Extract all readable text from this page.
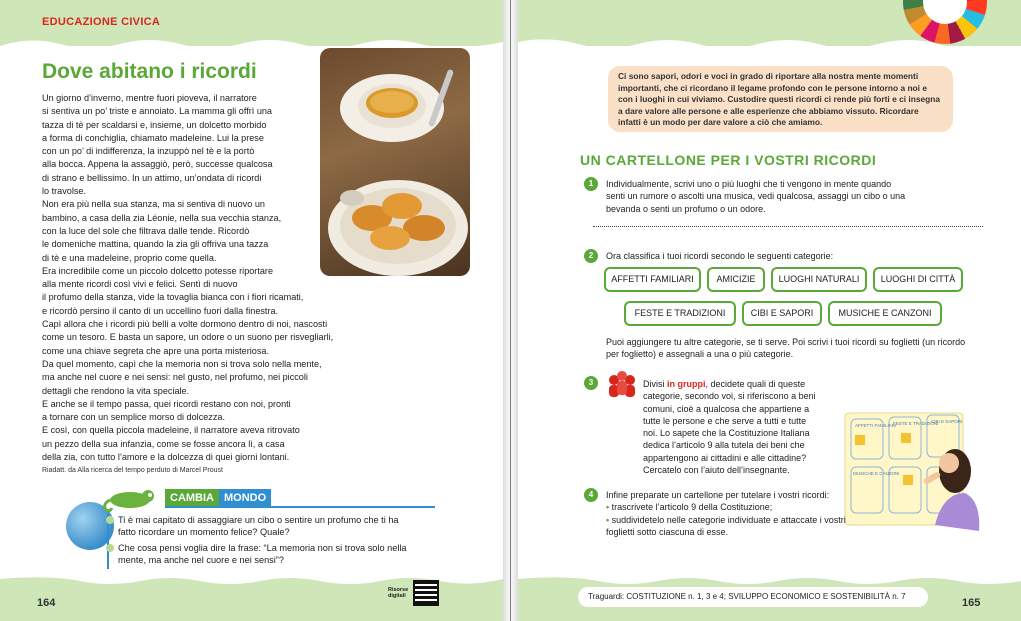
EDUCAZIONE CIVICA
Dove abitano i ricordi
Un giorno d’inverno, mentre fuori pioveva, il narratore
si sentiva un po’ triste e annoiato. La mamma gli offrì una
tazza di tè per scaldarsi e, insieme, un dolcetto morbido
a forma di conchiglia, chiamato madeleine. Lui la prese
con un po’ di indifferenza, la inzuppò nel tè e la portò
alla bocca. Appena la assaggiò, però, successe qualcosa
di strano e bellissimo. In un attimo, un’ondata di ricordi
lo travolse.
Non era più nella sua stanza, ma si sentiva di nuovo un
bambino, a casa della zia Léonie, nella sua vecchia stanza,
con la luce del sole che filtrava dalle tende. Ricordò
le domeniche mattina, quando la zia gli offriva una tazza
di tè e una madeleine, proprio come quella.
Era incredibile come un piccolo dolcetto potesse riportare
alla mente ricordi così vivi e felici. Sentì di nuovo
il profumo della stanza, vide la tovaglia bianca con i fiori ricamati,
e ricordò persino il canto di un uccellino fuori dalla finestra.
Capì allora che i ricordi più belli a volte dormono dentro di noi, nascosti
come un tesoro. E basta un sapore, un odore o un suono per risvegliarli,
come una chiave segreta che apre una porta misteriosa.
Da quel momento, capì che la memoria non si trova solo nella mente,
ma anche nel cuore e nei sensi: nel gusto, nel profumo, nei piccoli
dettagli che rendono la vita speciale.
E anche se il tempo passa, quei ricordi restano con noi, pronti
a tornare con un semplice morso di dolcezza.
E così, con quella piccola madeleine, il narratore aveva ritrovato
un pezzo della sua infanzia, come se fosse ancora lì, a casa
della zia, con tutto l’amore e la dolcezza di quei giorni lontani.
Riadatt. da Alla ricerca del tempo perduto di Marcel Proust
CAMBIA MONDO
Ti è mai capitato di assaggiare un cibo o sentire un profumo che ti ha fatto ricordare un momento felice? Quale?
Che cosa pensi voglia dire la frase: “La memoria non si trova solo nella mente, ma anche nel cuore e nei sensi”?
Risorse digitali
164
Ci sono sapori, odori e voci in grado di riportare alla nostra mente momenti importanti, che ci ricordano il legame profondo con le persone intorno a noi e con i luoghi in cui viviamo. Custodire questi ricordi ci rende più forti e ci insegna a dare valore alle persone e alle esperienze che abbiamo vissuto. Ricordare infatti è un modo per dare valore a ciò che amiamo.
UN CARTELLONE PER I VOSTRI RICORDI
1	Individualmente, scrivi uno o più luoghi che ti vengono in mente quando senti un rumore o ascolti una musica, vedi qualcosa, assaggi un cibo o una bevanda o senti un profumo o un odore.
2	Ora classifica i tuoi ricordi secondo le seguenti categorie:
AFFETTI FAMILIARI	AMICIZIE	LUOGHI NATURALI	LUOGHI DI CITTÀ
FESTE E TRADIZIONI	CIBI E SAPORI	MUSICHE E CANZONI
Puoi aggiungere tu altre categorie, se ti serve. Poi scrivi i tuoi ricordi su foglietti (un ricordo per foglietto) e assegnali a una o più categorie.
3	Divisi in gruppi, decidete quali di queste categorie, secondo voi, si riferiscono a beni comuni, cioè a qualcosa che appartiene a tutte le persone e che serve a tutti e tutte noi. Lo sapete che la Costituzione Italiana dedica l’articolo 9 alla tutela dei beni che appartengono ai cittadini e alle cittadine? Cercatelo con l’aiuto dell’insegnante.
AFFETTI FAMILIARI
FESTE E TRADIZIONI
CIBI E SAPORI
MUSICHE E CANZONI
4	Infine preparate un cartellone per tutelare i vostri ricordi:
• trascrivete l’articolo 9 della Costituzione;
• suddividetelo nelle categorie individuate e attaccate i vostri foglietti sotto ciascuna di esse.
Traguardi: COSTITUZIONE n. 1, 3 e 4; SVILUPPO ECONOMICO E SOSTENIBILITÀ n. 7
165
